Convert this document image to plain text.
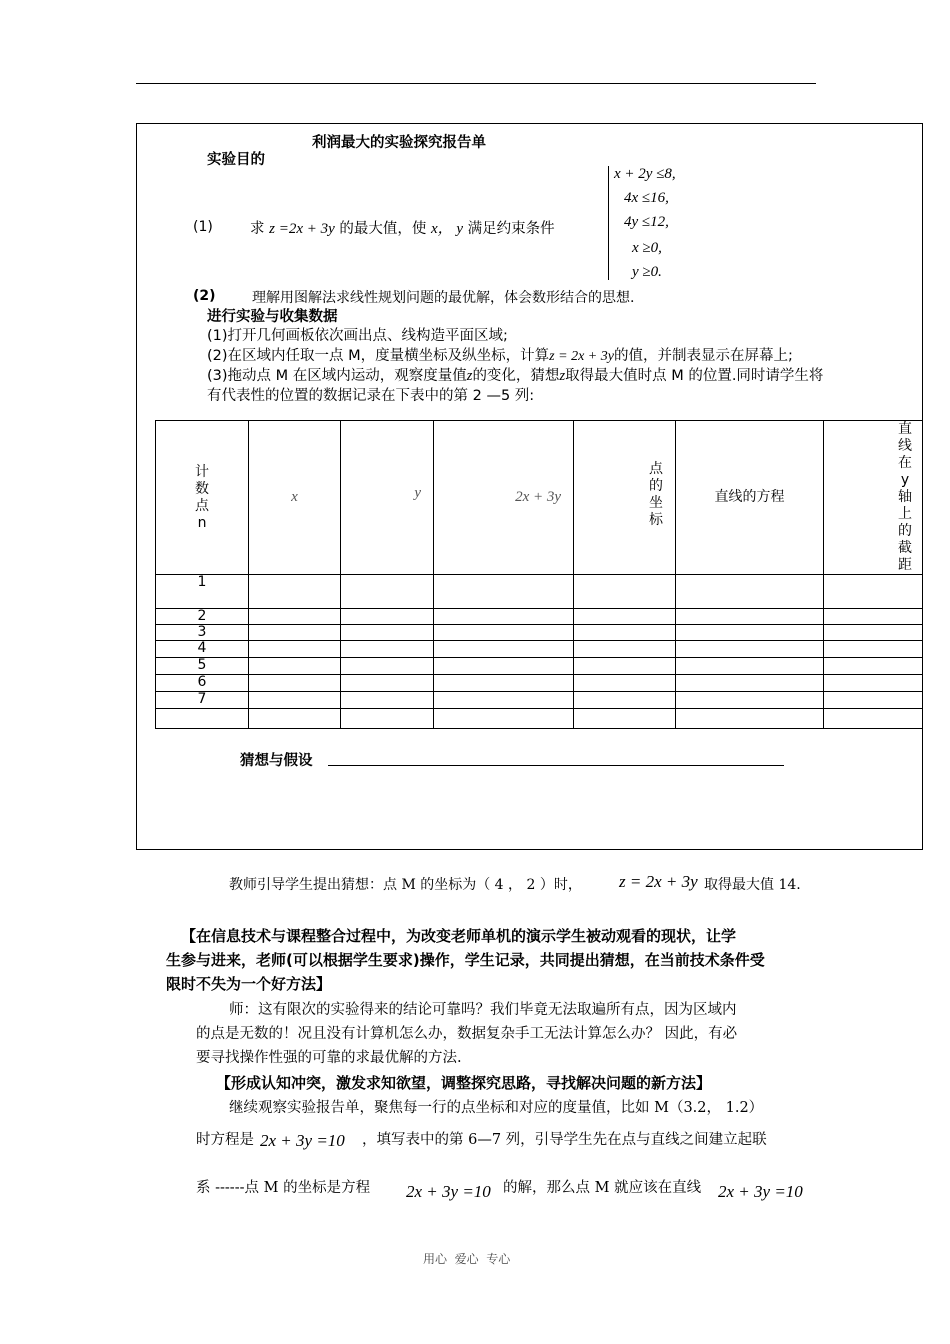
利润最大的实验探究报告单
实验目的
(1)	求 z =2x + 3y 的最大值，使 x， y 满足约束条件
x + 2y ≤8,
4x ≤16,
4y ≤12,
x ≥0,
y ≥0.
(2)	理解用图解法求线性规划问题的最优解，体会数形结合的思想.
进行实验与收集数据
(1)打开几何画板依次画出点、线构造平面区域;
(2)在区域内任取一点 M，度量横坐标及纵坐标，计算z = 2x + 3y的值，并制表显示在屏幕上;
(3)拖动点 M 在区域内运动，观察度量值z的变化，猜想z取得最大值时点 M 的位置.同时请学生将
有代表性的位置的数据记录在下表中的第 2 —5 列:
计数点n	x	y	2x + 3y	点的坐标	直线的方程	直线在y轴上的截距
1						
2						
3						
4						
5						
6						
7						

猜想与假设
教师引导学生提出猜想：点 M 的坐标为（ 4 ， 2 ）时， z = 2x + 3y 取得最大值 14.
【在信息技术与课程整合过程中，为改变老师单机的演示学生被动观看的现状，让学
生参与进来，老师(可以根据学生要求)操作，学生记录，共同提出猜想，在当前技术条件受
限时不失为一个好方法】
师：这有限次的实验得来的结论可靠吗？我们毕竟无法取遍所有点，因为区域内
的点是无数的！况且没有计算机怎么办，数据复杂手工无法计算怎么办？ 因此，有必
要寻找操作性强的可靠的求最优解的方法.
【形成认知冲突，激发求知欲望，调整探究思路，寻找解决问题的新方法】
继续观察实验报告单，聚焦每一行的点坐标和对应的度量值，比如 M（3.2， 1.2）
时方程是 2x + 3y =10 ，填写表中的第 6—7 列，引导学生先在点与直线之间建立起联
系 ------点 M 的坐标是方程 2x + 3y =10 的解，那么点 M 就应该在直线 2x + 3y =10
用心  爱心  专心
